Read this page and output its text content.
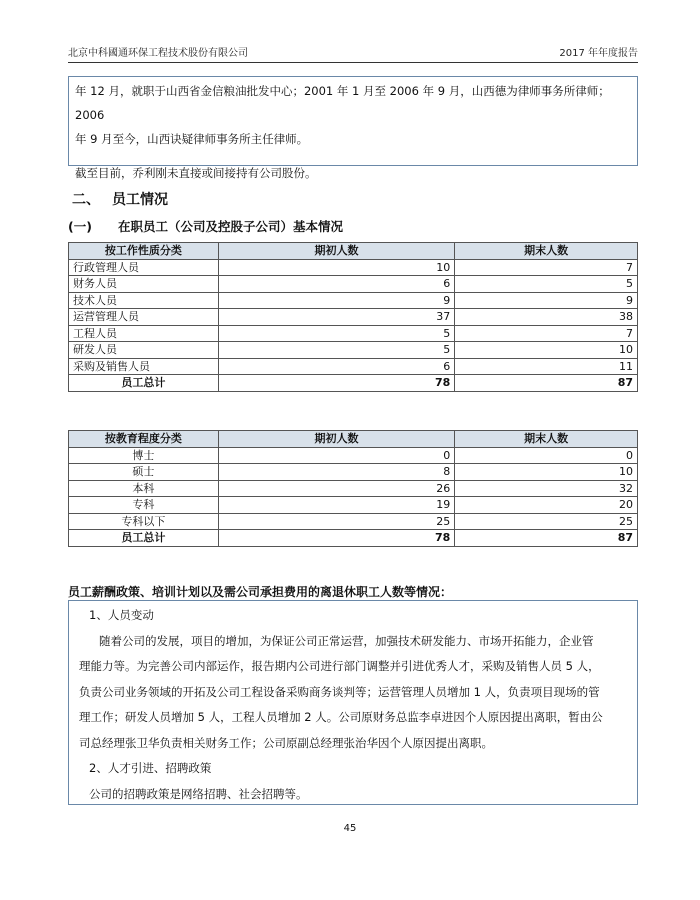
北京中科國通环保工程技术股份有限公司	2017 年年度报告

年 12 月，就职于山西省金信粮油批发中心；2001 年 1 月至 2006 年 9 月，山西德为律师事务所律师；2006

年 9 月至今，山西诀疑律师事务所主任律师。

截至目前，乔利刚未直接或间接持有公司股份。

二、 员工情况
(一) 在职员工（公司及控股子公司）基本情况
按工作性质分类	期初人数	期末人数
行政管理人员	10	7
财务人员	6	5
技术人员	9	9
运营管理人员	37	38
工程人员	5	7
研发人员	5	10
采购及销售人员	6	11
员工总计	78	87
按教育程度分类	期初人数	期末人数
博士	0	0
硕士	8	10
本科	26	32
专科	19	20
专科以下	25	25
员工总计	78	87
员工薪酬政策、培训计划以及需公司承担费用的离退休职工人数等情况：

1、人员变动

随着公司的发展，项目的增加，为保证公司正常运营，加强技术研发能力、市场开拓能力，企业管

理能力等。为完善公司内部运作，报告期内公司进行部门调整并引进优秀人才，采购及销售人员 5 人，

负责公司业务领域的开拓及公司工程设备采购商务谈判等；运营管理人员增加 1 人，负责项目现场的管

理工作；研发人员增加 5 人，工程人员增加 2 人。公司原财务总监李卓进因个人原因提出离职，暂由公

司总经理张卫华负责相关财务工作；公司原副总经理张治华因个人原因提出离职。

2、人才引进、招聘政策

公司的招聘政策是网络招聘、社会招聘等。

45
